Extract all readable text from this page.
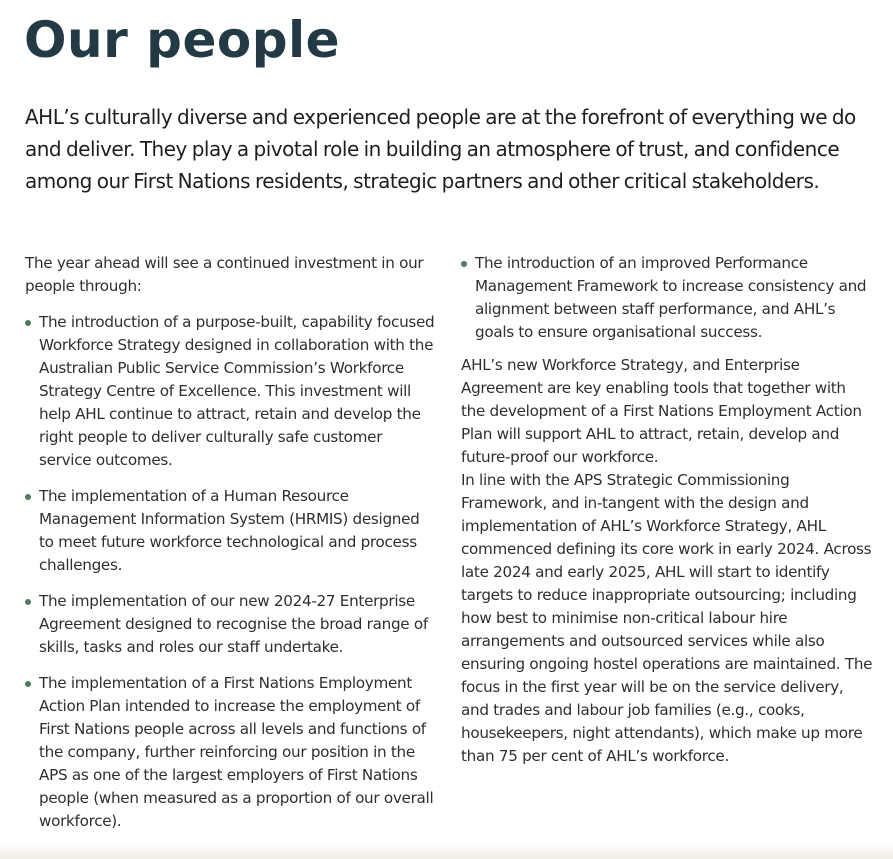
Our people

AHL’s culturally diverse and experienced people are at the forefront of everything we do and deliver. They play a pivotal role in building an atmosphere of trust, and confidence among our First Nations residents, strategic partners and other critical stakeholders.

The year ahead will see a continued investment in our people through:

The introduction of a purpose-built, capability focused Workforce Strategy designed in collaboration with the Australian Public Service Commission’s Workforce Strategy Centre of Excellence. This investment will help AHL continue to attract, retain and develop the right people to deliver culturally safe customer service outcomes.
The implementation of a Human Resource Management Information System (HRMIS) designed to meet future workforce technological and process challenges.
The implementation of our new 2024-27 Enterprise Agreement designed to recognise the broad range of skills, tasks and roles our staff undertake.
The implementation of a First Nations Employment Action Plan intended to increase the employment of First Nations people across all levels and functions of the company, further reinforcing our position in the APS as one of the largest employers of First Nations people (when measured as a proportion of our overall workforce).
The introduction of an improved Performance Management Framework to increase consistency and alignment between staff performance, and AHL’s goals to ensure organisational success.

AHL’s new Workforce Strategy, and Enterprise Agreement are key enabling tools that together with the development of a First Nations Employment Action Plan will support AHL to attract, retain, develop and future-proof our workforce.

In line with the APS Strategic Commissioning Framework, and in-tangent with the design and implementation of AHL’s Workforce Strategy, AHL commenced defining its core work in early 2024. Across late 2024 and early 2025, AHL will start to identify targets to reduce inappropriate outsourcing; including how best to minimise non-critical labour hire arrangements and outsourced services while also ensuring ongoing hostel operations are maintained. The focus in the first year will be on the service delivery, and trades and labour job families (e.g., cooks, housekeepers, night attendants), which make up more than 75 per cent of AHL’s workforce.
